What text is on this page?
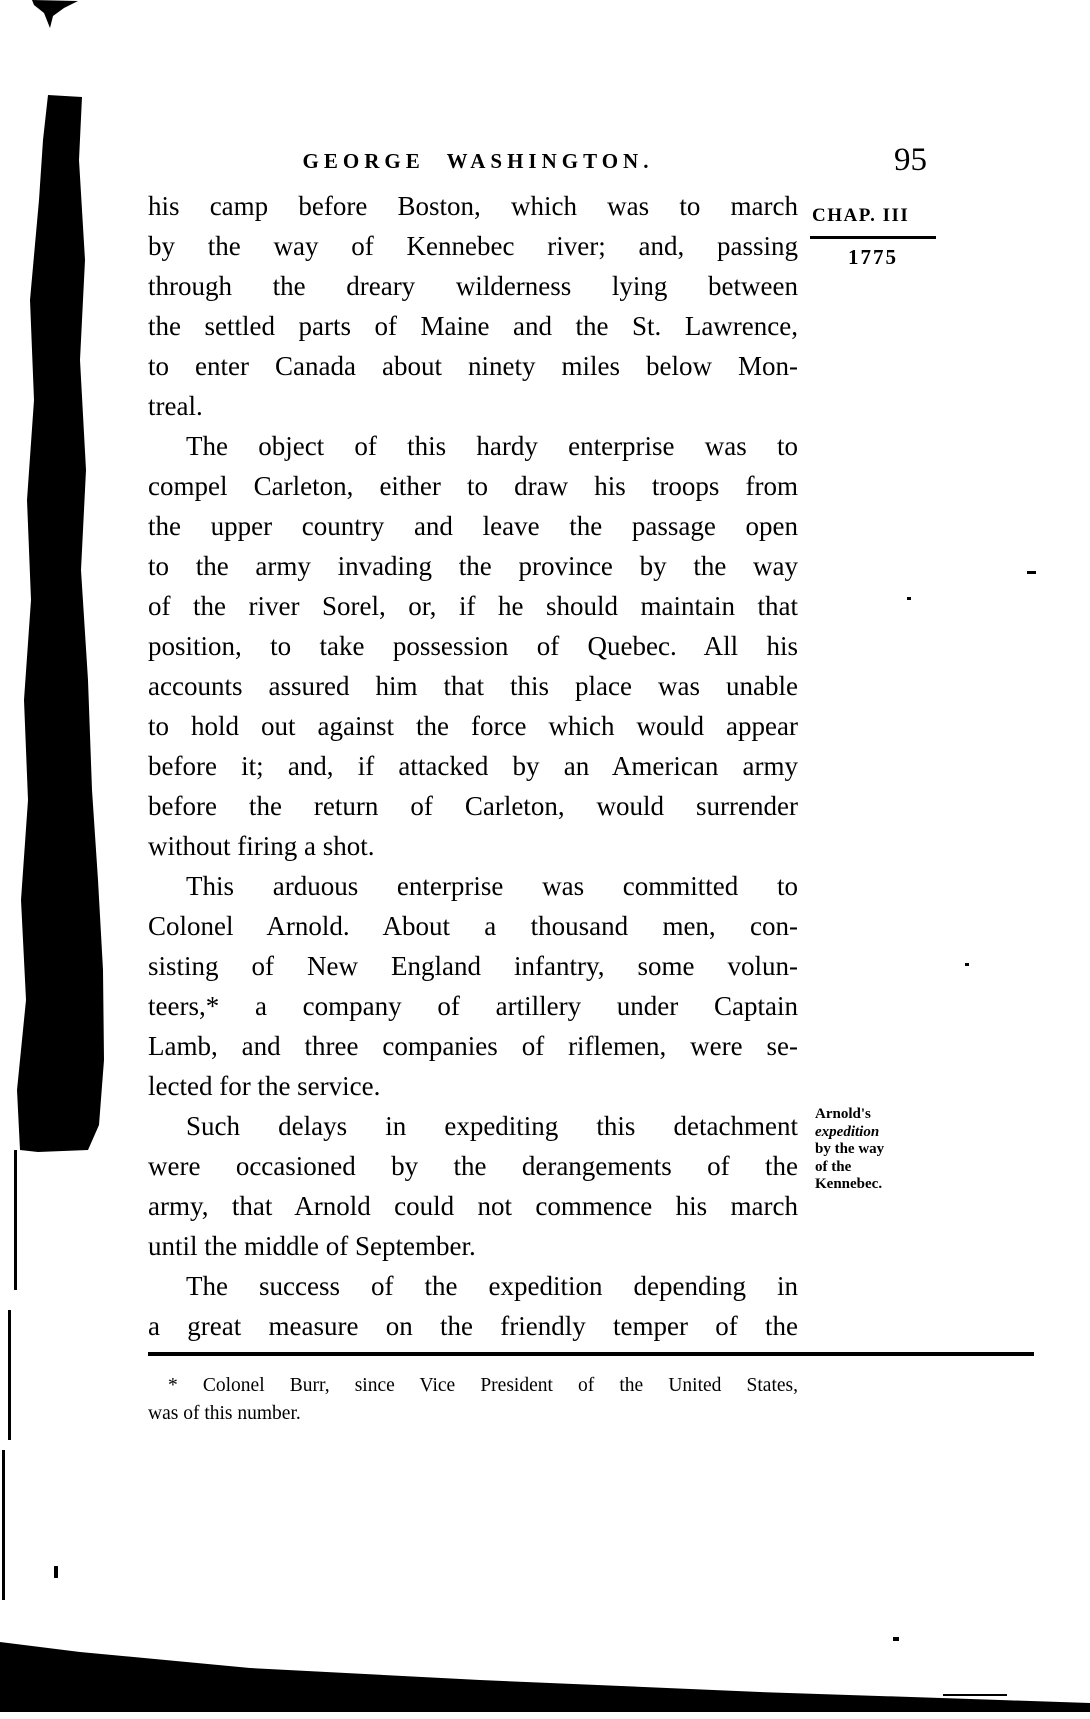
GEORGE WASHINGTON.	95
CHAP. III
1775
his camp before Boston, which was to march
by the way of Kennebec river; and, passing
through the dreary wilderness lying between
the settled parts of Maine and the St. Lawrence,
to enter Canada about ninety miles below Mon-
treal.
The object of this hardy enterprise was to
compel Carleton, either to draw his troops from
the upper country and leave the passage open
to the army invading the province by the way
of the river Sorel, or, if he should maintain that
position, to take possession of Quebec. All his
accounts assured him that this place was unable
to hold out against the force which would appear
before it; and, if attacked by an American army
before the return of Carleton, would surrender
without firing a shot.
This arduous enterprise was committed to
Colonel Arnold. About a thousand men, con-
sisting of New England infantry, some volun-
teers,* a company of artillery under Captain
Lamb, and three companies of riflemen, were se-
lected for the service.
Such delays in expediting this detachment
were occasioned by the derangements of the
army, that Arnold could not commence his march
until the middle of September.
The success of the expedition depending in
a great measure on the friendly temper of the
Arnold's
expedition
by the way
of the
Kennebec.
* Colonel Burr, since Vice President of the United States,
was of this number.
